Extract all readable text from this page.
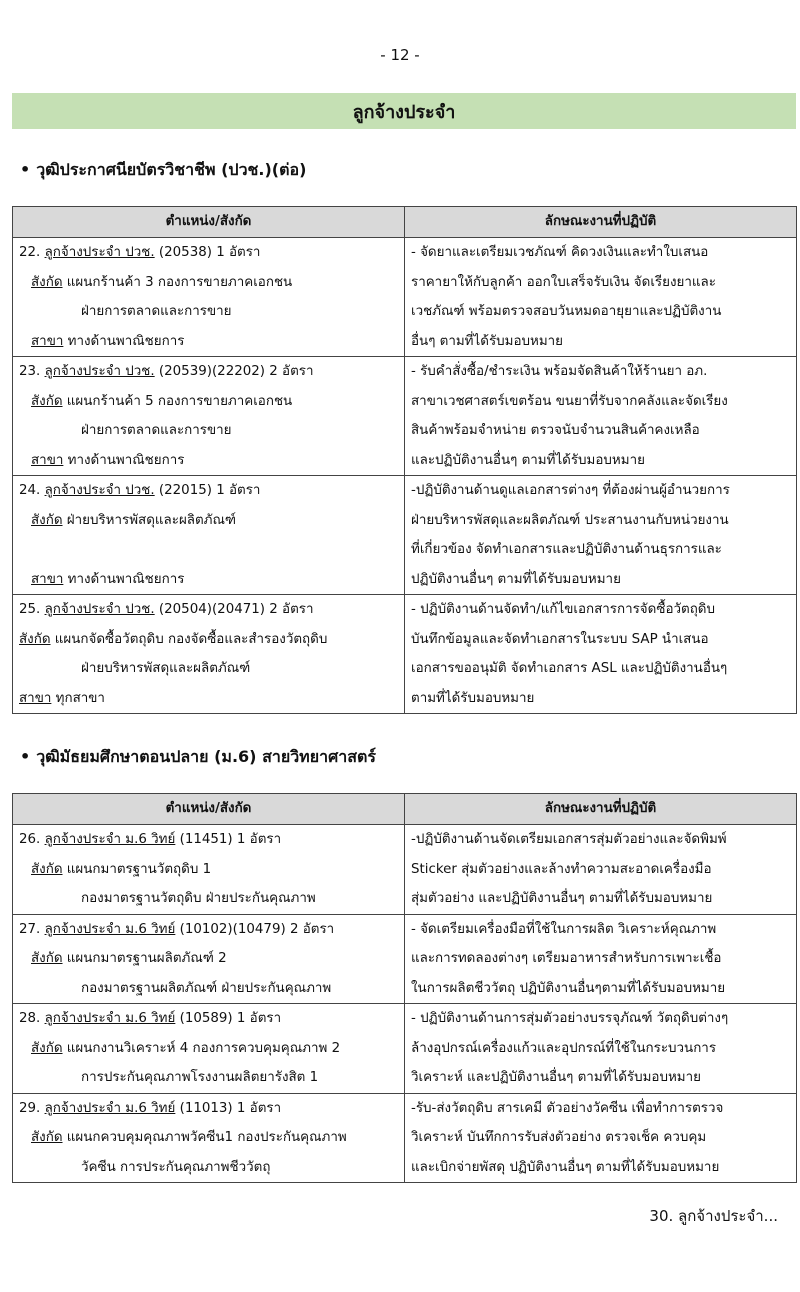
- 12 -
ลูกจ้างประจำ
• วุฒิประกาศนียบัตรวิชาชีพ (ปวช.)(ต่อ)
ตำแหน่ง/สังกัด	ลักษณะงานที่ปฏิบัติ

22. ลูกจ้างประจำ ปวช. (20538) 1 อัตรา
สังกัด แผนกร้านค้า 3 กองการขายภาคเอกชน
ฝ่ายการตลาดและการขาย
สาขา ทางด้านพาณิชยการ	- จัดยาและเตรียมเวชภัณฑ์ คิดวงเงินและทำใบเสนอ
ราคายาให้กับลูกค้า ออกใบเสร็จรับเงิน จัดเรียงยาและ
เวชภัณฑ์ พร้อมตรวจสอบวันหมดอายุยาและปฏิบัติงาน
อื่นๆ ตามที่ได้รับมอบหมาย

23. ลูกจ้างประจำ ปวช. (20539)(22202) 2 อัตรา
สังกัด แผนกร้านค้า 5 กองการขายภาคเอกชน
ฝ่ายการตลาดและการขาย
สาขา ทางด้านพาณิชยการ	- รับคำสั่งซื้อ/ชำระเงิน พร้อมจัดสินค้าให้ร้านยา อภ.
สาขาเวชศาสตร์เขตร้อน ขนยาที่รับจากคลังและจัดเรียง
สินค้าพร้อมจำหน่าย ตรวจนับจำนวนสินค้าคงเหลือ
และปฏิบัติงานอื่นๆ ตามที่ได้รับมอบหมาย

24. ลูกจ้างประจำ ปวช. (22015) 1 อัตรา
สังกัด ฝ่ายบริหารพัสดุและผลิตภัณฑ์
สาขา ทางด้านพาณิชยการ	-ปฏิบัติงานด้านดูแลเอกสารต่างๆ ที่ต้องผ่านผู้อำนวยการ
ฝ่ายบริหารพัสดุและผลิตภัณฑ์ ประสานงานกับหน่วยงาน
ที่เกี่ยวข้อง จัดทำเอกสารและปฏิบัติงานด้านธุรการและ
ปฏิบัติงานอื่นๆ ตามที่ได้รับมอบหมาย

25. ลูกจ้างประจำ ปวช. (20504)(20471) 2 อัตรา
สังกัด แผนกจัดซื้อวัตถุดิบ กองจัดซื้อและสำรองวัตถุดิบ
ฝ่ายบริหารพัสดุและผลิตภัณฑ์
สาขา ทุกสาขา	- ปฏิบัติงานด้านจัดทำ/แก้ไขเอกสารการจัดซื้อวัตถุดิบ
บันทึกข้อมูลและจัดทำเอกสารในระบบ SAP นำเสนอ
เอกสารขออนุมัติ จัดทำเอกสาร ASL และปฏิบัติงานอื่นๆ
ตามที่ได้รับมอบหมาย
• วุฒิมัธยมศึกษาตอนปลาย (ม.6) สายวิทยาศาสตร์
ตำแหน่ง/สังกัด	ลักษณะงานที่ปฏิบัติ

26. ลูกจ้างประจำ ม.6 วิทย์ (11451) 1 อัตรา
สังกัด แผนกมาตรฐานวัตถุดิบ 1
กองมาตรฐานวัตถุดิบ ฝ่ายประกันคุณภาพ	-ปฏิบัติงานด้านจัดเตรียมเอกสารสุ่มตัวอย่างและจัดพิมพ์
Sticker สุ่มตัวอย่างและล้างทำความสะอาดเครื่องมือ
สุ่มตัวอย่าง และปฏิบัติงานอื่นๆ ตามที่ได้รับมอบหมาย

27. ลูกจ้างประจำ ม.6 วิทย์ (10102)(10479) 2 อัตรา
สังกัด แผนกมาตรฐานผลิตภัณฑ์ 2
กองมาตรฐานผลิตภัณฑ์ ฝ่ายประกันคุณภาพ	- จัดเตรียมเครื่องมือที่ใช้ในการผลิต วิเคราะห์คุณภาพ
และการทดลองต่างๆ เตรียมอาหารสำหรับการเพาะเชื้อ
ในการผลิตชีววัตถุ ปฏิบัติงานอื่นๆตามที่ได้รับมอบหมาย

28. ลูกจ้างประจำ ม.6 วิทย์ (10589) 1 อัตรา
สังกัด แผนกงานวิเคราะห์ 4 กองการควบคุมคุณภาพ 2
การประกันคุณภาพโรงงานผลิตยารังสิต 1	- ปฏิบัติงานด้านการสุ่มตัวอย่างบรรจุภัณฑ์ วัตถุดิบต่างๆ
ล้างอุปกรณ์เครื่องแก้วและอุปกรณ์ที่ใช้ในกระบวนการ
วิเคราะห์ และปฏิบัติงานอื่นๆ ตามที่ได้รับมอบหมาย

29. ลูกจ้างประจำ ม.6 วิทย์ (11013) 1 อัตรา
สังกัด แผนกควบคุมคุณภาพวัคซีน1 กองประกันคุณภาพ
วัคซีน การประกันคุณภาพชีววัตถุ	-รับ-ส่งวัตถุดิบ สารเคมี ตัวอย่างวัคซีน เพื่อทำการตรวจ
วิเคราะห์ บันทึกการรับส่งตัวอย่าง ตรวจเช็ค ควบคุม
และเบิกจ่ายพัสดุ ปฏิบัติงานอื่นๆ ตามที่ได้รับมอบหมาย
30. ลูกจ้างประจำ...
